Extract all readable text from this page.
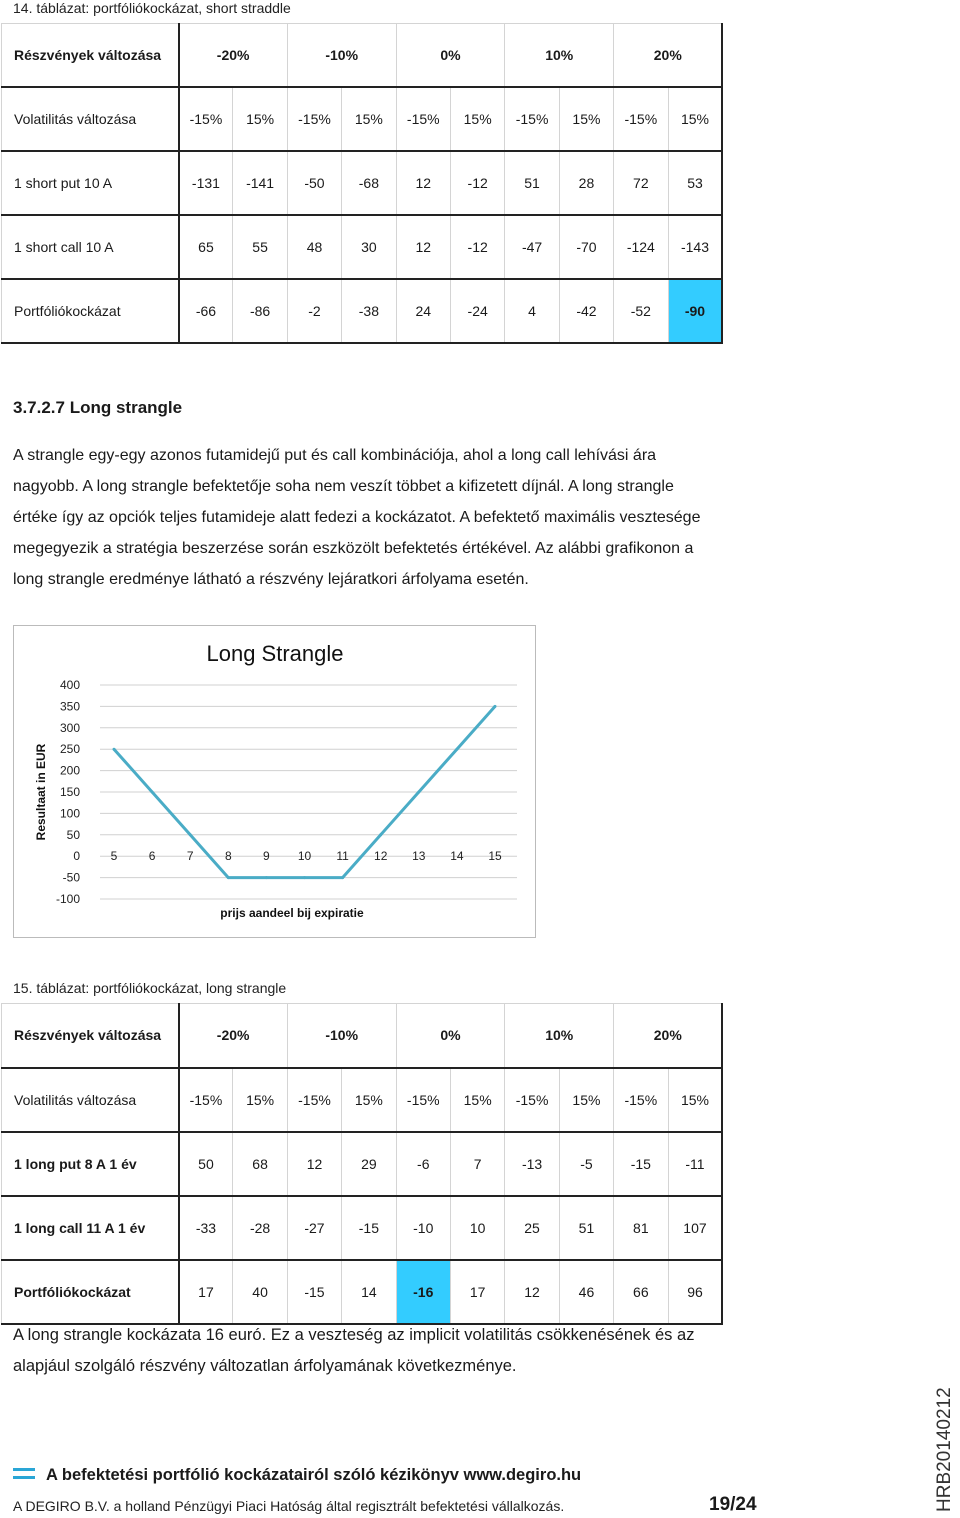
14. táblázat: portfóliókockázat, short straddle
Részvények változása	-20%		-10%		0%		10%		20%	
Volatilitás változása	-15%	15%	-15%	15%	-15%	15%	-15%	15%	-15%	15%
1 short put 10 A	-131	-141	-50	-68	12	-12	51	28	72	53
1 short call 10 A	65	55	48	30	12	-12	-47	-70	-124	-143
Portfóliókockázat	-66	-86	-2	-38	24	-24	4	-42	-52	-90
3.7.2.7 Long strangle
A strangle egy-egy azonos futamidejű put és call kombinációja, ahol a long call lehívási ára
nagyobb. A long strangle befektetője soha nem veszít többet a kifizetett díjnál. A long strangle
értéke így az opciók teljes futamideje alatt fedezi a kockázatot. A befektető maximális vesztesége
megegyezik a stratégia beszerzése során eszközölt befektetés értékével. Az alábbi grafikonon a
long strangle eredménye látható a részvény lejáratkori árfolyama esetén.
400
350
300
250
200
150
100
50
0
-50
-100
5	6	7	8	9 10 11 12 13 14 15
Long Strangle
prijs aandeel bij expiratie
Resultaat in EUR
15. táblázat: portfóliókockázat, long strangle
Részvények változása	-20%		-10%		0%		10%		20%	
Volatilitás változása	-15%	15%	-15%	15%	-15%	15%	-15%	15%	-15%	15%
1 long put 8 A 1 év	50	68	12	29	-6	7	-13	-5	-15	-11
1 long call 11 A 1 év	-33	-28	-27	-15	-10	10	25	51	81	107
Portfóliókockázat	17	40	-15	14	-16	17	12	46	66	96
A long strangle kockázata 16 euró. Ez a veszteség az implicit volatilitás csökkenésének és az
alapjául szolgáló részvény változatlan árfolyamának következménye.
A befektetési portfólió kockázatairól szóló kézikönyv www.degiro.hu
A DEGIRO B.V. a holland Pénzügyi Piaci Hatóság által regisztrált befektetési vállalkozás.	19/24	HRB20140212
